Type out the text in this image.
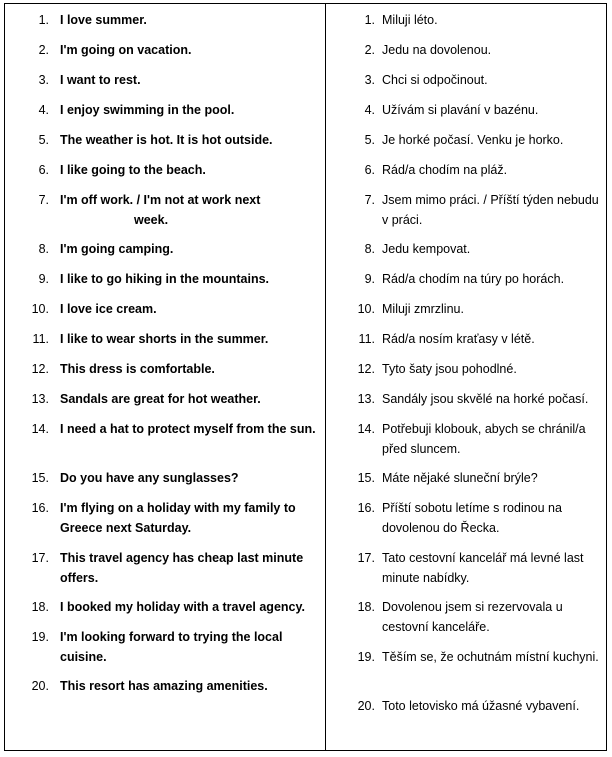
1. I love summer.
2. I'm going on vacation.
3. I want to rest.
4. I enjoy swimming in the pool.
5. The weather is hot. It is hot outside.
6. I like going to the beach.
7. I'm off work. / I'm not at work next
week.
8. I'm going camping.
9. I like to go hiking in the mountains.
10. I love ice cream.
11. I like to wear shorts in the summer.
12. This dress is comfortable.
13. Sandals are great for hot weather.
14. I need a hat to protect myself from the sun.
15. Do you have any sunglasses?
16. I'm flying on a holiday with my family to Greece next Saturday.
17. This travel agency has cheap last minute offers.
18. I booked my holiday with a travel agency.
19. I'm looking forward to trying the local cuisine.
20. This resort has amazing amenities.
1. Miluji léto.
2. Jedu na dovolenou.
3. Chci si odpočinout.
4. Užívám si plavání v bazénu.
5. Je horké počasí. Venku je horko.
6. Rád/a chodím na pláž.
7. Jsem mimo práci. / Příští týden nebudu v práci.
8. Jedu kempovat.
9. Rád/a chodím na túry po horách.
10. Miluji zmrzlinu.
11. Rád/a nosím kraťasy v létě.
12. Tyto šaty jsou pohodlné.
13. Sandály jsou skvělé na horké počasí.
14. Potřebuji klobouk, abych se chránil/a před sluncem.
15. Máte nějaké sluneční brýle?
16. Příští sobotu letíme s rodinou na dovolenou do Řecka.
17. Tato cestovní kancelář má levné last minute nabídky.
18. Dovolenou jsem si rezervovala u cestovní kanceláře.
19. Těším se, že ochutnám místní kuchyni.
20. Toto letovisko má úžasné vybavení.
